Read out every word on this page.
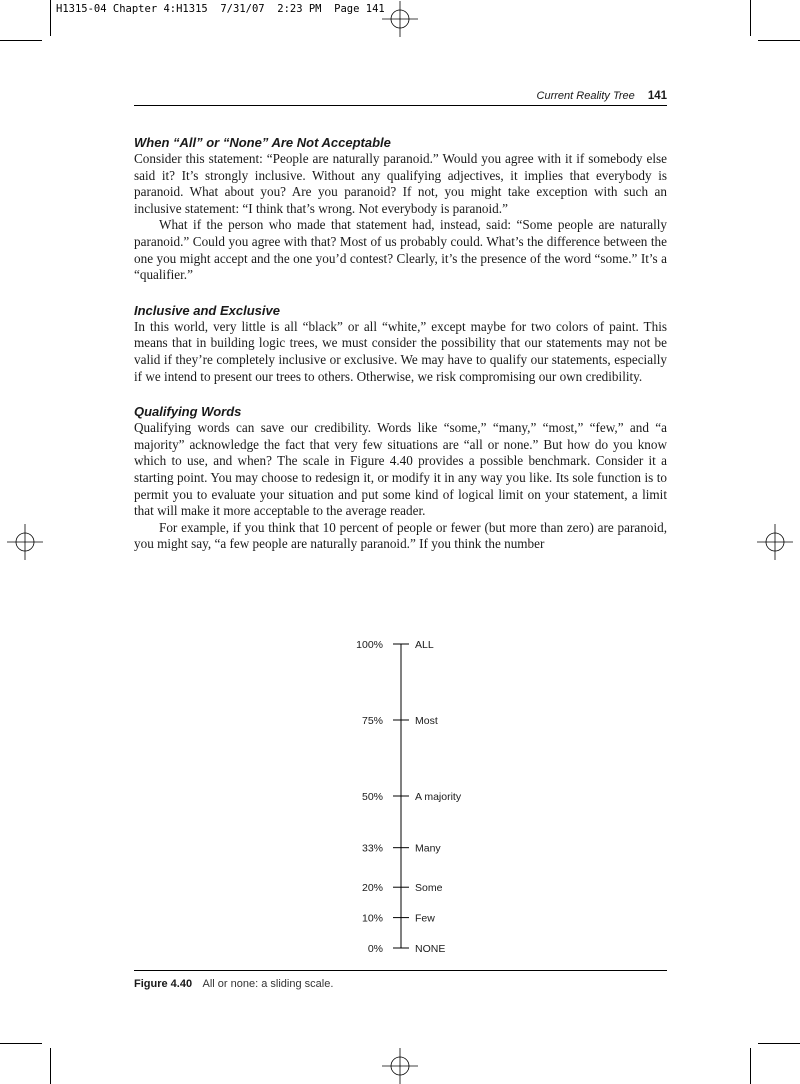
H1315-04 Chapter 4:H1315  7/31/07  2:23 PM  Page 141
Current Reality Tree 141
When “All” or “None” Are Not Acceptable

Consider this statement: “People are naturally paranoid.” Would you agree with it if somebody else said it? It’s strongly inclusive. Without any qualifying adjectives, it implies that everybody is paranoid. What about you? Are you paranoid? If not, you might take exception with such an inclusive statement: “I think that’s wrong. Not everybody is paranoid.”

What if the person who made that statement had, instead, said: “Some people are naturally paranoid.” Could you agree with that? Most of us probably could. What’s the difference between the one you might accept and the one you’d contest? Clearly, it’s the presence of the word “some.” It’s a “qualifier.”

Inclusive and Exclusive

In this world, very little is all “black” or all “white,” except maybe for two colors of paint. This means that in building logic trees, we must consider the possibility that our statements may not be valid if they’re completely inclusive or exclusive. We may have to qualify our statements, especially if we intend to present our trees to others. Otherwise, we risk compromising our own credibility.

Qualifying Words

Qualifying words can save our credibility. Words like “some,” “many,” “most,” “few,” and “a majority” acknowledge the fact that very few situations are “all or none.” But how do you know which to use, and when? The scale in Figure 4.40 provides a possible benchmark. Consider it a starting point. You may choose to redesign it, or modify it in any way you like. Its sole function is to permit you to evaluate your situation and put some kind of logical limit on your statement, a limit that will make it more acceptable to the average reader.

For example, if you think that 10 percent of people or fewer (but more than zero) are paranoid, you might say, “a few people are naturally paranoid.” If you think the number

100%	ALL
75%	Most
50%	A majority
33%	Many
20%	Some
10%	Few
0%	NONE
Figure 4.40 All or none: a sliding scale.
